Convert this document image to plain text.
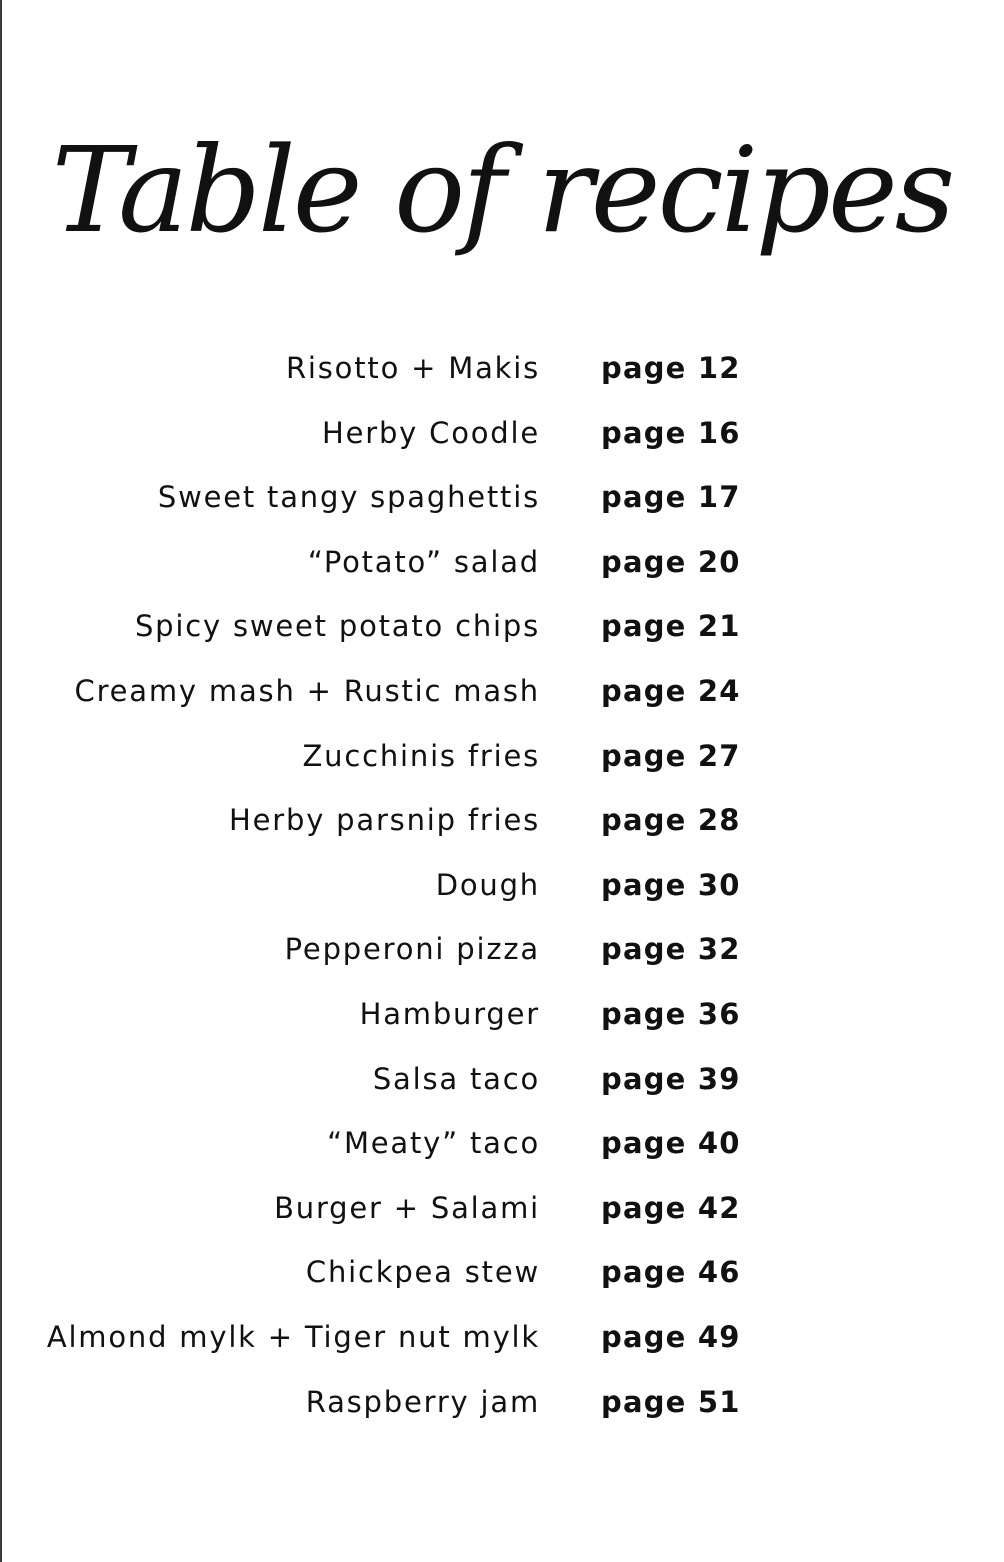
Table of recipes
Risotto + Makis page 12
Herby Coodle page 16
Sweet tangy spaghettis page 17
“Potato” salad page 20
Spicy sweet potato chips page 21
Creamy mash + Rustic mash page 24
Zucchinis fries page 27
Herby parsnip fries page 28
Dough page 30
Pepperoni pizza page 32
Hamburger page 36
Salsa taco page 39
“Meaty” taco page 40
Burger + Salami page 42
Chickpea stew page 46
Almond mylk + Tiger nut mylk page 49
Raspberry jam page 51
